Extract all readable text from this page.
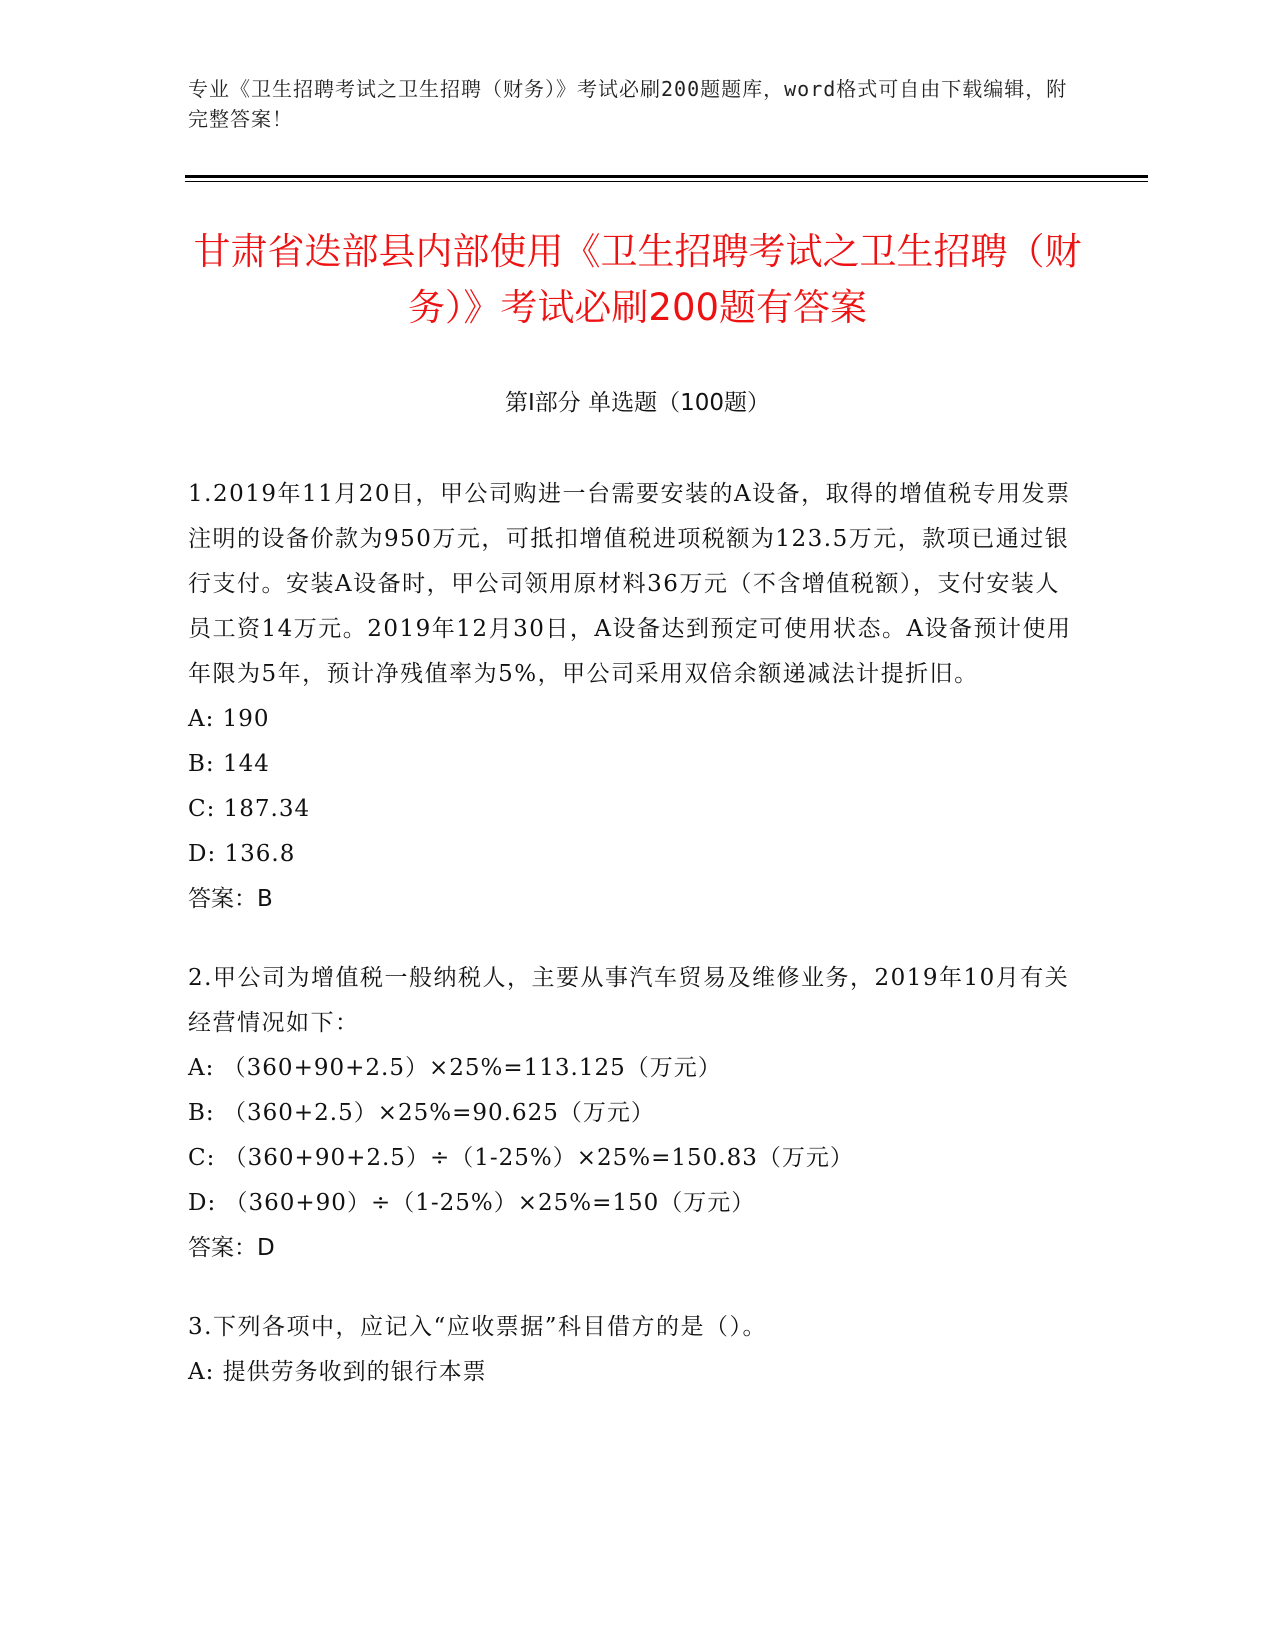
专业《卫生招聘考试之卫生招聘（财务）》考试必刷200题题库，word格式可自由下载编辑，附完整答案！
甘肃省迭部县内部使用《卫生招聘考试之卫生招聘（财务）》考试必刷200题有答案
第Ⅰ部分 单选题（100题）

1.2019年11月20日，甲公司购进一台需要安装的A设备，取得的增值税专用发票注明的设备价款为950万元，可抵扣增值税进项税额为123.5万元，款项已通过银行支付。安装A设备时，甲公司领用原材料36万元（不含增值税额），支付安装人员工资14万元。2019年12月30日，A设备达到预定可使用状态。A设备预计使用年限为5年，预计净残值率为5%，甲公司采用双倍余额递减法计提折旧。

A: 190
B: 144
C: 187.34
D: 136.8
答案：B

2.甲公司为增值税一般纳税人，主要从事汽车贸易及维修业务，2019年10月有关经营情况如下：

A: （360+90+2.5）×25%=113.125（万元）
B: （360+2.5）×25%=90.625（万元）
C: （360+90+2.5）÷（1-25%）×25%=150.83（万元）
D: （360+90）÷（1-25%）×25%=150（万元）
答案：D

3.下列各项中，应记入“应收票据”科目借方的是（）。

A: 提供劳务收到的银行本票
